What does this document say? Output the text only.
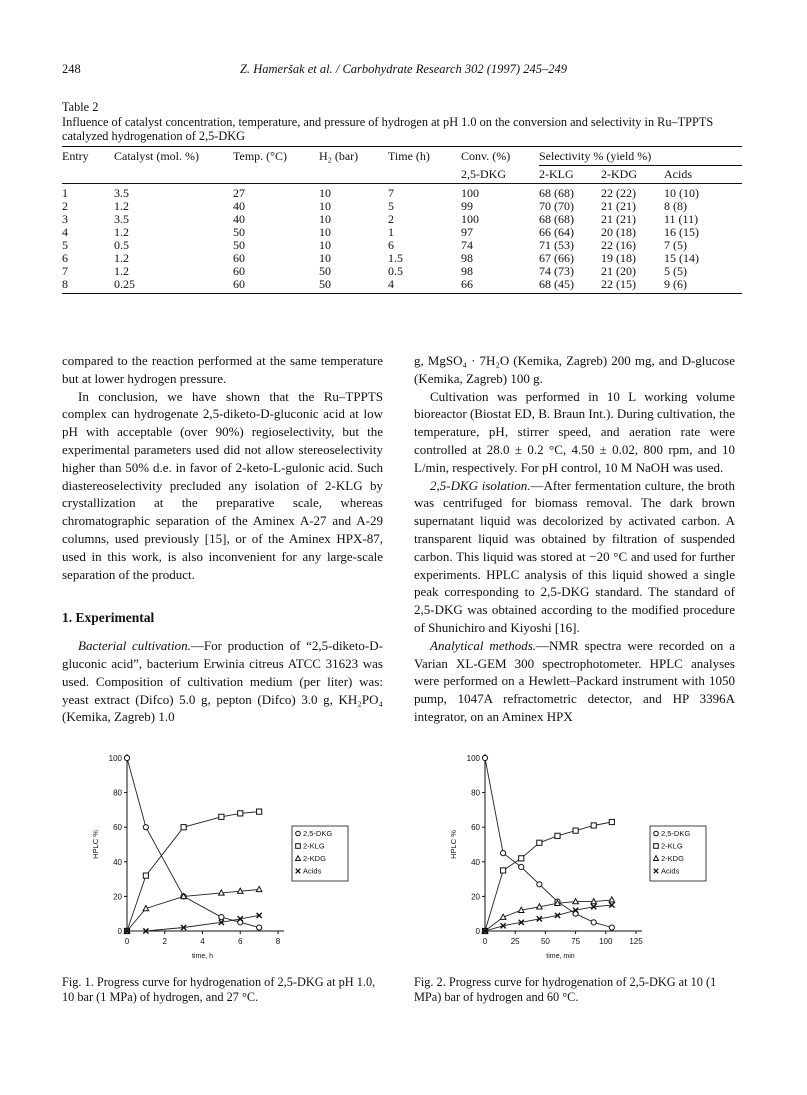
248	Z. Hameršak et al. / Carbohydrate Research 302 (1997) 245–249
Table 2
Influence of catalyst concentration, temperature, and pressure of hydrogen at pH 1.0 on the conversion and selectivity in Ru–TPPTS catalyzed hydrogenation of 2,5-DKG
Entry	Catalyst (mol. %)	Temp. (°C)	H₂ (bar)	Time (h)	Conv. (%)	Selectivity % (yield %)		
					2,5-DKG	2-KLG	2-KDG	Acids
1	3.5	27	10	7	100	68 (68)	22 (22)	10 (10)
2	1.2	40	10	5	99	70 (70)	21 (21)	8 (8)
3	3.5	40	10	2	100	68 (68)	21 (21)	11 (11)
4	1.2	50	10	1	97	66 (64)	20 (18)	16 (15)
5	0.5	50	10	6	74	71 (53)	22 (16)	7 (5)
6	1.2	60	10	1.5	98	67 (66)	19 (18)	15 (14)
7	1.2	60	50	0.5	98	74 (73)	21 (20)	5 (5)
8	0.25	60	50	4	66	68 (45)	22 (15)	9 (6)

compared to the reaction performed at the same temperature but at lower hydrogen pressure.

In conclusion, we have shown that the Ru–TPPTS complex can hydrogenate 2,5-diketo-D-gluconic acid at low pH with acceptable (over 90%) regioselectivity, but the experimental parameters used did not allow stereoselectivity higher than 50% d.e. in favor of 2-keto-L-gulonic acid. Such diastereoselectivity precluded any isolation of 2-KLG by crystallization at the preparative scale, whereas chromatographic separation of the Aminex A-27 and A-29 columns, used previously [15], or of the Aminex HPX-87, used in this work, is also inconvenient for any large-scale separation of the product.

1. Experimental

Bacterial cultivation.—For production of “2,5-diketo-D-gluconic acid”, bacterium Erwinia citreus ATCC 31623 was used. Composition of cultivation medium (per liter) was: yeast extract (Difco) 5.0 g, pepton (Difco) 3.0 g, KH₂PO₄ (Kemika, Zagreb) 1.0

g, MgSO₄ · 7H₂O (Kemika, Zagreb) 200 mg, and D-glucose (Kemika, Zagreb) 100 g.

Cultivation was performed in 10 L working volume bioreactor (Biostat ED, B. Braun Int.). During cultivation, the temperature, pH, stirrer speed, and aeration rate were controlled at 28.0 ± 0.2 °C, 4.50 ± 0.02, 800 rpm, and 10 L/min, respectively. For pH control, 10 M NaOH was used.

2,5-DKG isolation.—After fermentation culture, the broth was centrifuged for biomass removal. The dark brown supernatant liquid was decolorized by activated carbon. A transparent liquid was obtained by filtration of suspended carbon. This liquid was stored at −20 °C and used for further experiments. HPLC analysis of this liquid showed a single peak corresponding to 2,5-DKG standard. The standard of 2,5-DKG was obtained according to the modified procedure of Shunichiro and Kiyoshi [16].

Analytical methods.—NMR spectra were recorded on a Varian XL-GEM 300 spectrophotometer. HPLC analyses were performed on a Hewlett–Packard instrument with 1050 pump, 1047A refractometric detector, and HP 3396A integrator, on an Aminex HPX

0
20
40
60
80
100
0	2	4	6	8
time, h
HPLC %	2,5-DKG
2-KLG
2-KDG
Acids
0
20
40
60
80
100
0	25	50	75 100 125
time, min
HPLC %	2,5-DKG
2-KLG
2-KDG
Acids
Fig. 1. Progress curve for hydrogenation of 2,5-DKG at pH 1.0, 10 bar (1 MPa) of hydrogen, and 27 °C.
Fig. 2. Progress curve for hydrogenation of 2,5-DKG at 10 (1 MPa) bar of hydrogen and 60 °C.
